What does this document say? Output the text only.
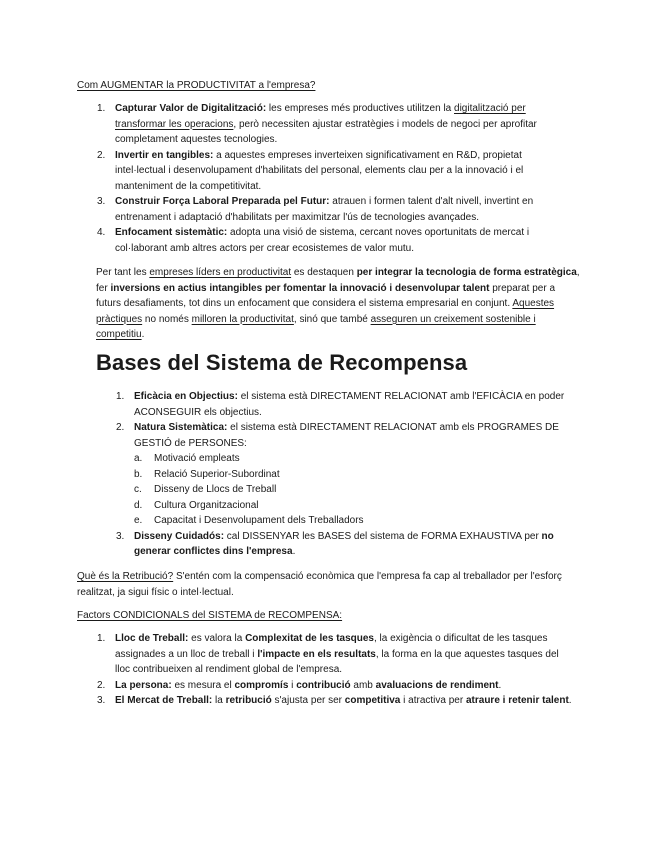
Com AUGMENTAR la PRODUCTIVITAT a l'empresa?

1. Capturar Valor de Digitalització: les empreses més productives utilitzen la digitalització per transformar les operacions, però necessiten ajustar estratègies i models de negoci per aprofitar completament aquestes tecnologies.
2. Invertir en tangibles: a aquestes empreses inverteixen significativament en R&D, propietat intel·lectual i desenvolupament d'habilitats del personal, elements clau per a la innovació i el manteniment de la competitivitat.
3. Construir Força Laboral Preparada pel Futur: atrauen i formen talent d'alt nivell, invertint en entrenament i adaptació d'habilitats per maximitzar l'ús de tecnologies avançades.
4. Enfocament sistemàtic: adopta una visió de sistema, cercant noves oportunitats de mercat i col·laborant amb altres actors per crear ecosistemes de valor mutu.

Per tant les empreses líders en productivitat es destaquen per integrar la tecnologia de forma estratègica, fer inversions en actius intangibles per fomentar la innovació i desenvolupar talent preparat per a futurs desafiaments, tot dins un enfocament que considera el sistema empresarial en conjunt. Aquestes pràctiques no només milloren la productivitat, sinó que també asseguren un creixement sostenible i competitiu.

Bases del Sistema de Recompensa
1. Eficàcia en Objectius: el sistema està DIRECTAMENT RELACIONAT amb l'EFICÀCIA en poder ACONSEGUIR els objectius.
2. Natura Sistemàtica: el sistema està DIRECTAMENT RELACIONAT amb els PROGRAMES DE GESTIÓ de PERSONES:
a. Motivació empleats
b. Relació Superior-Subordinat
c. Disseny de Llocs de Treball
d. Cultura Organitzacional
e. Capacitat i Desenvolupament dels Treballadors
3. Disseny Cuidadós: cal DISSENYAR les BASES del sistema de FORMA EXHAUSTIVA per no generar conflictes dins l'empresa.

Què és la Retribució? S'entén com la compensació econòmica que l'empresa fa cap al treballador per l'esforç realitzat, ja sigui físic o intel·lectual.

Factors CONDICIONALS del SISTEMA de RECOMPENSA:

1. Lloc de Treball: es valora la Complexitat de les tasques, la exigència o dificultat de les tasques assignades a un lloc de treball i l'impacte en els resultats, la forma en la que aquestes tasques del lloc contribueixen al rendiment global de l'empresa.
2. La persona: es mesura el compromís i contribució amb avaluacions de rendiment.
3. El Mercat de Treball: la retribució s'ajusta per ser competitiva i atractiva per atraure i retenir talent.
